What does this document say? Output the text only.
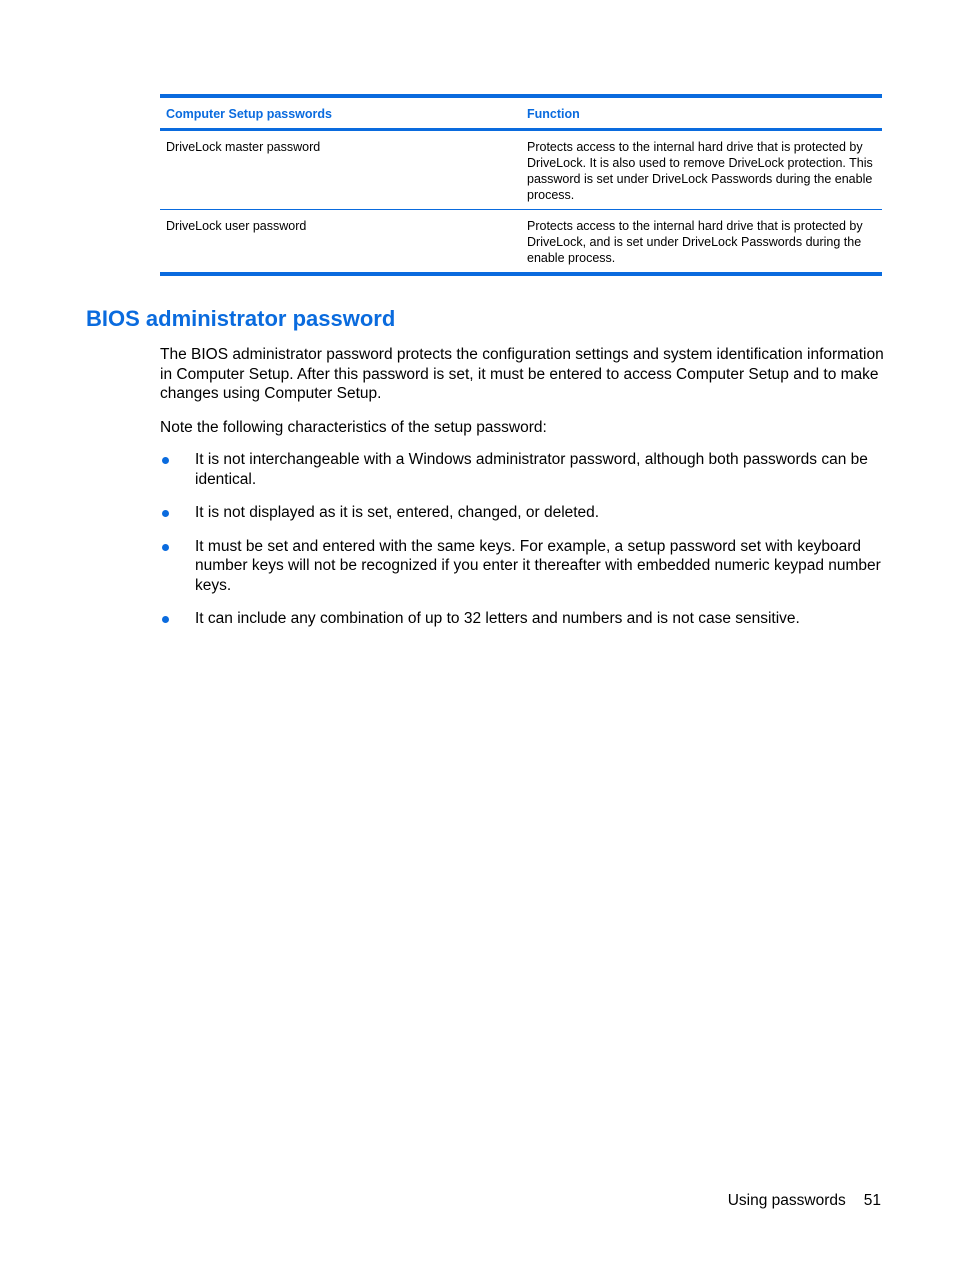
Computer Setup passwords	Function
DriveLock master password	Protects access to the internal hard drive that is protected by DriveLock. It is also used to remove DriveLock protection. This password is set under DriveLock Passwords during the enable process.
DriveLock user password	Protects access to the internal hard drive that is protected by DriveLock, and is set under DriveLock Passwords during the enable process.
BIOS administrator password

The BIOS administrator password protects the configuration settings and system identification information in Computer Setup. After this password is set, it must be entered to access Computer Setup and to make changes using Computer Setup.

Note the following characteristics of the setup password:

It is not interchangeable with a Windows administrator password, although both passwords can be identical.
It is not displayed as it is set, entered, changed, or deleted.
It must be set and entered with the same keys. For example, a setup password set with keyboard number keys will not be recognized if you enter it thereafter with embedded numeric keypad number keys.
It can include any combination of up to 32 letters and numbers and is not case sensitive.
Using passwords 51
